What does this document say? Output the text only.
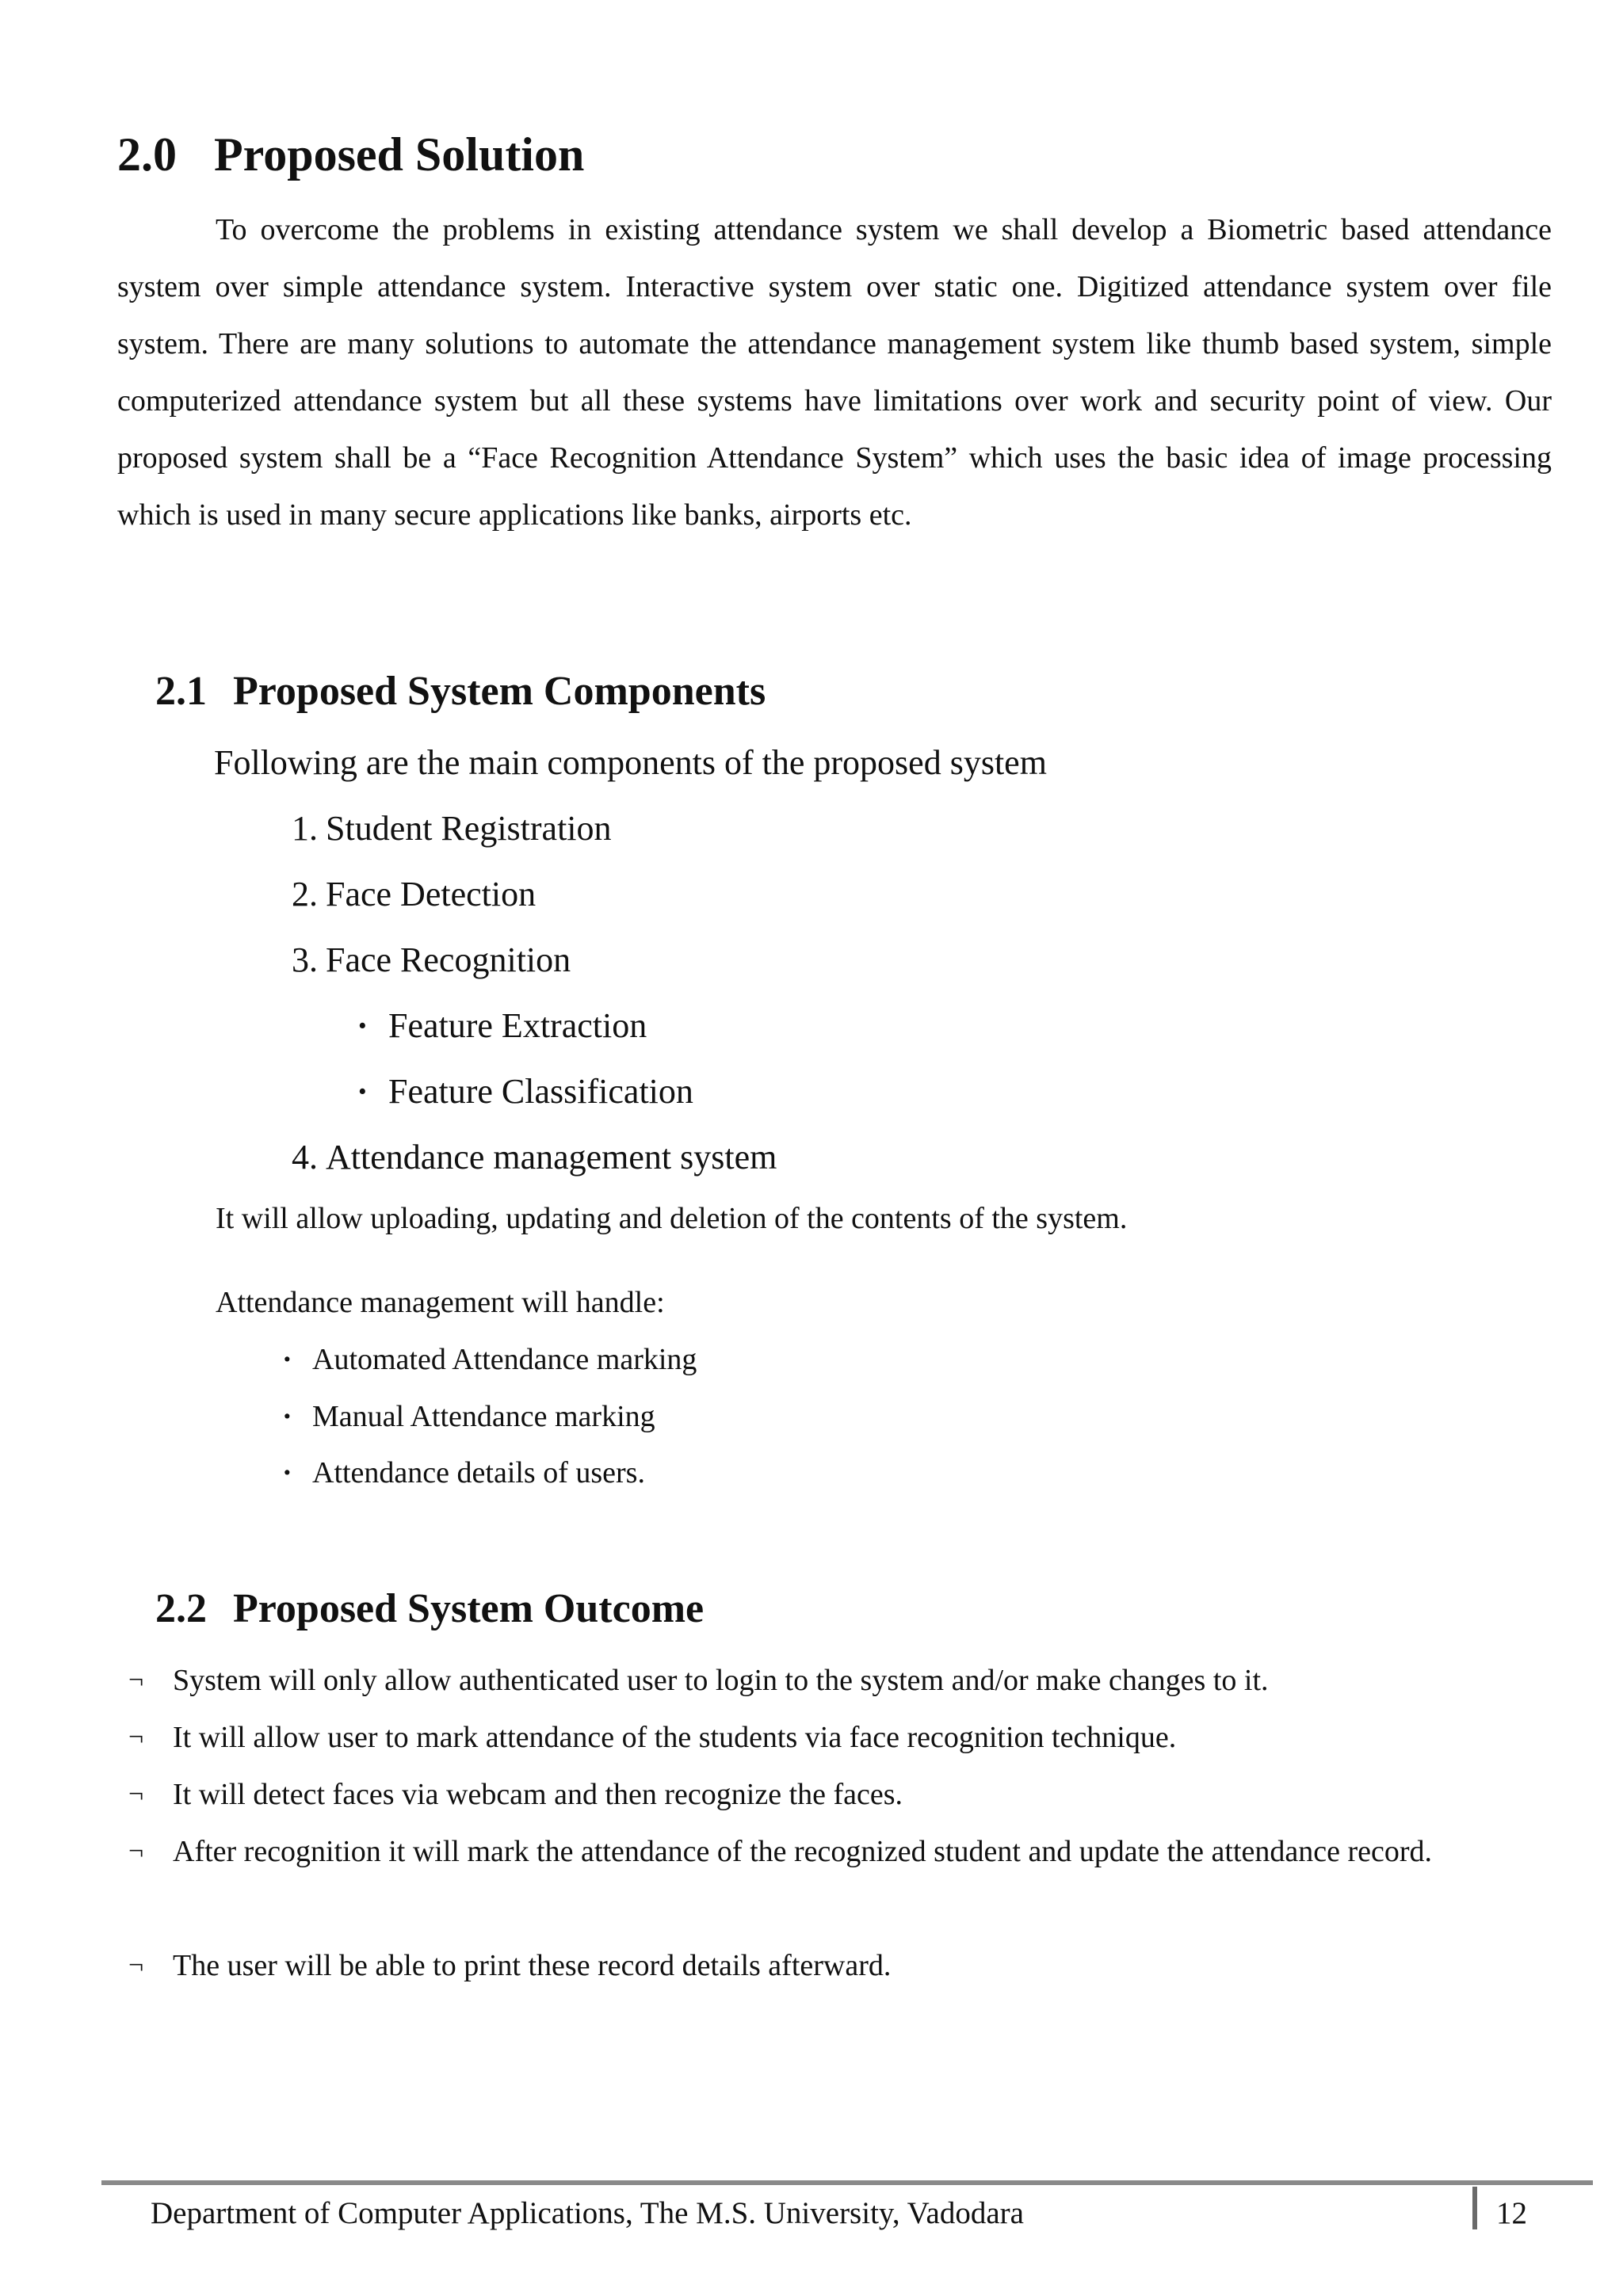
2.0 Proposed Solution

To overcome the problems in existing attendance system we shall develop a Biometric based attendance system over simple attendance system. Interactive system over static one. Digitized attendance system over file system. There are many solutions to automate the attendance management system like thumb based system, simple computerized attendance system but all these systems have limitations over work and security point of view. Our proposed system shall be a “Face Recognition Attendance System” which uses the basic idea of image processing which is used in many secure applications like banks, airports etc.

2.1 Proposed System Components
Following are the main components of the proposed system
1. Student Registration
2. Face Detection
3. Face Recognition
· Feature Extraction
· Feature Classification
4. Attendance management system
It will allow uploading, updating and deletion of the contents of the system.
Attendance management will handle:
· Automated Attendance marking
· Manual Attendance marking
· Attendance details of users.
2.2 Proposed System Outcome
¬ System will only allow authenticated user to login to the system and/or make changes to it.
¬ It will allow user to mark attendance of the students via face recognition technique.
¬ It will detect faces via webcam and then recognize the faces.
¬ After recognition it will mark the attendance of the recognized student and update the attendance record.
¬ The user will be able to print these record details afterward.
Department of Computer Applications, The M.S. University, Vadodara	12
